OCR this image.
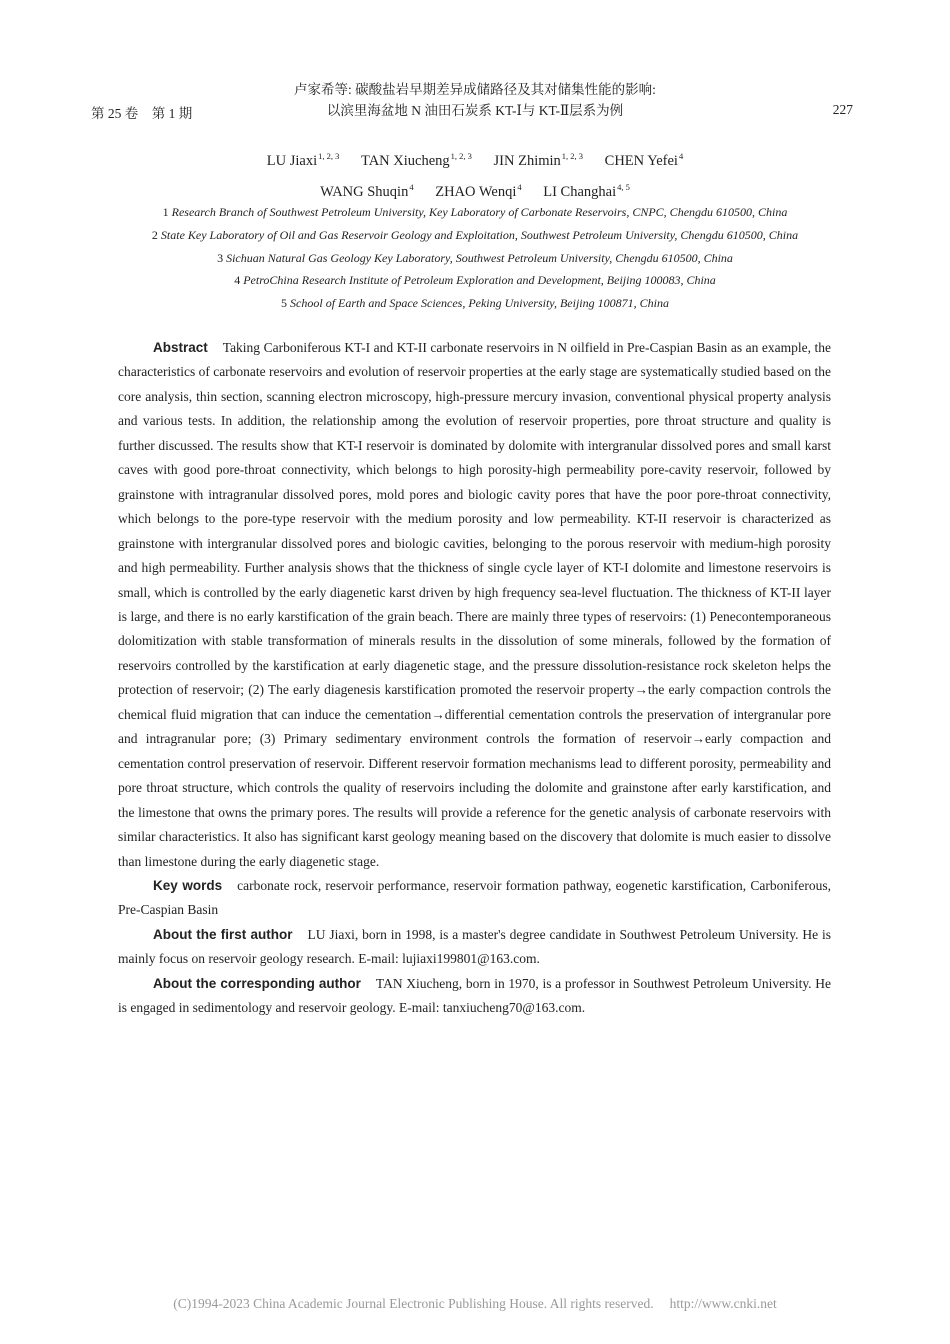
第 25 卷　第 1 期
卢家希等: 碳酸盐岩早期差异成储路径及其对储集性能的影响:
以滨里海盆地 N 油田石炭系 KT-Ⅰ与 KT-Ⅱ层系为例	227
LU Jiaxi$^{1, 2, 3}$ TAN Xiucheng$^{1, 2, 3}$ JIN Zhimin$^{1, 2, 3}$ CHEN Yefei$^4$
WANG Shuqin$^4$ ZHAO Wenqi$^4$ LI Changhai$^{4, 5}$
1 Research Branch of Southwest Petroleum University, Key Laboratory of Carbonate Reservoirs, CNPC, Chengdu 610500, China
2 State Key Laboratory of Oil and Gas Reservoir Geology and Exploitation, Southwest Petroleum University, Chengdu 610500, China
3 Sichuan Natural Gas Geology Key Laboratory, Southwest Petroleum University, Chengdu 610500, China
4 PetroChina Research Institute of Petroleum Exploration and Development, Beijing 100083, China
5 School of Earth and Space Sciences, Peking University, Beijing 100871, China

Abstract Taking Carboniferous KT-I and KT-II carbonate reservoirs in N oilfield in Pre-Caspian Basin as an example, the characteristics of carbonate reservoirs and evolution of reservoir properties at the early stage are systematically studied based on the core analysis, thin section, scanning electron microscopy, high-pressure mercury invasion, conventional physical property analysis and various tests. In addition, the relationship among the evolution of reservoir properties, pore throat structure and quality is further discussed. The results show that KT-I reservoir is dominated by dolomite with intergranular dissolved pores and small karst caves with good pore-throat connectivity, which belongs to high porosity-high permeability pore-cavity reservoir, followed by grainstone with intragranular dissolved pores, mold pores and biologic cavity pores that have the poor pore-throat connectivity, which belongs to the pore-type reservoir with the medium porosity and low permeability. KT-II reservoir is characterized as grainstone with intergranular dissolved pores and biologic cavities, belonging to the porous reservoir with medium-high porosity and high permeability. Further analysis shows that the thickness of single cycle layer of KT-I dolomite and limestone reservoirs is small, which is controlled by the early diagenetic karst driven by high frequency sea-level fluctuation. The thickness of KT-II layer is large, and there is no early karstification of the grain beach. There are mainly three types of reservoirs: (1) Penecontemporaneous dolomitization with stable transformation of minerals results in the dissolution of some minerals, followed by the formation of reservoirs controlled by the karstification at early diagenetic stage, and the pressure dissolution-resistance rock skeleton helps the protection of reservoir; (2) The early diagenesis karstification promoted the reservoir property→the early compaction controls the chemical fluid migration that can induce the cementation→differential cementation controls the preservation of intergranular pore and intragranular pore; (3) Primary sedimentary environment controls the formation of reservoir→early compaction and cementation control preservation of reservoir. Different reservoir formation mechanisms lead to different porosity, permeability and pore throat structure, which controls the quality of reservoirs including the dolomite and grainstone after early karstification, and the limestone that owns the primary pores. The results will provide a reference for the genetic analysis of carbonate reservoirs with similar characteristics. It also has significant karst geology meaning based on the discovery that dolomite is much easier to dissolve than limestone during the early diagenetic stage.

Key words carbonate rock, reservoir performance, reservoir formation pathway, eogenetic karstification, Carboniferous, Pre-Caspian Basin

About the first author LU Jiaxi, born in 1998, is a master's degree candidate in Southwest Petroleum University. He is mainly focus on reservoir geology research. E-mail: lujiaxi199801@163.com.

About the corresponding author TAN Xiucheng, born in 1970, is a professor in Southwest Petroleum University. He is engaged in sedimentology and reservoir geology. E-mail: tanxiucheng70@163.com.

(C)1994-2023 China Academic Journal Electronic Publishing House. All rights reserved. http://www.cnki.net
